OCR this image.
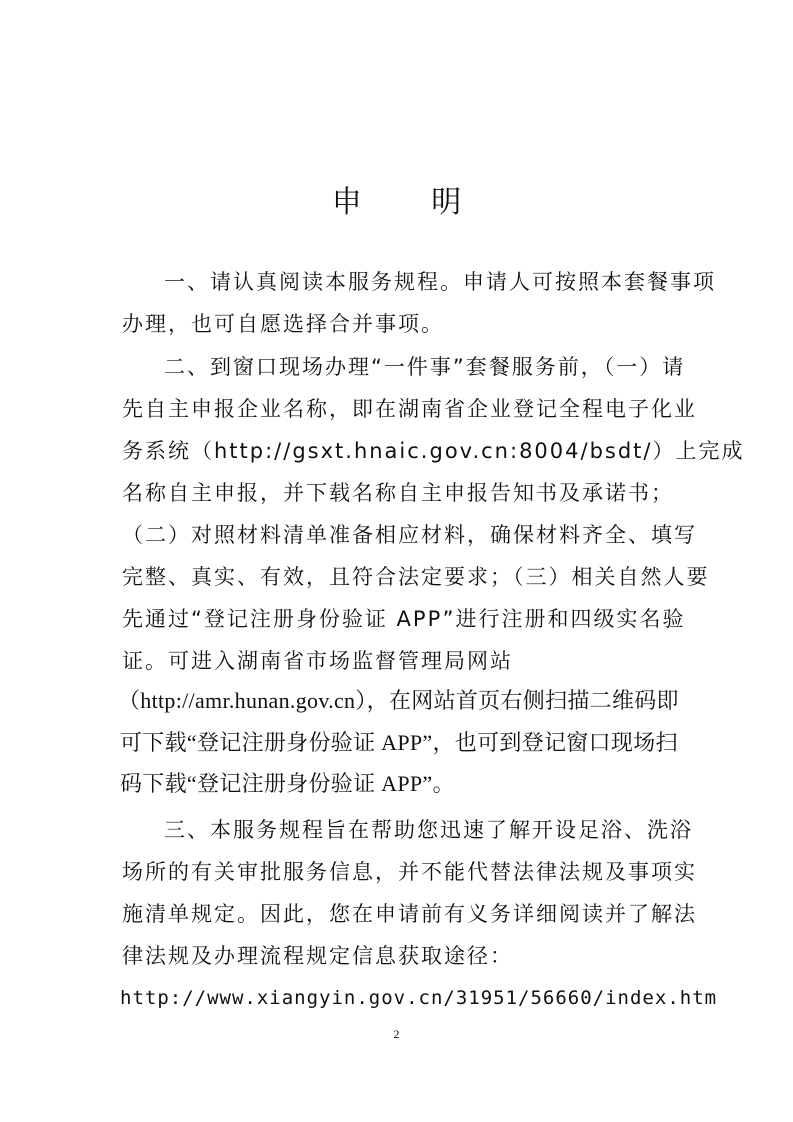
申 明
一、请认真阅读本服务规程。申请人可按照本套餐事项
办理，也可自愿选择合并事项。
二、到窗口现场办理“一件事”套餐服务前，（一）请
先自主申报企业名称，即在湖南省企业登记全程电子化业
务系统（http://gsxt.hnaic.gov.cn:8004/bsdt/）上完成
名称自主申报，并下载名称自主申报告知书及承诺书；
（二）对照材料清单准备相应材料，确保材料齐全、填写
完整、真实、有效，且符合法定要求；（三）相关自然人要
先通过“登记注册身份验证 APP”进行注册和四级实名验
证。可进入湖南省市场监督管理局网站
（http://amr.hunan.gov.cn），在网站首页右侧扫描二维码即
可下载“登记注册身份验证 APP”，也可到登记窗口现场扫
码下载“登记注册身份验证 APP”。
三、本服务规程旨在帮助您迅速了解开设足浴、洗浴
场所的有关审批服务信息，并不能代替法律法规及事项实
施清单规定。因此，您在申请前有义务详细阅读并了解法
律法规及办理流程规定信息获取途径：
http://www.xiangyin.gov.cn/31951/56660/index.htm
2
